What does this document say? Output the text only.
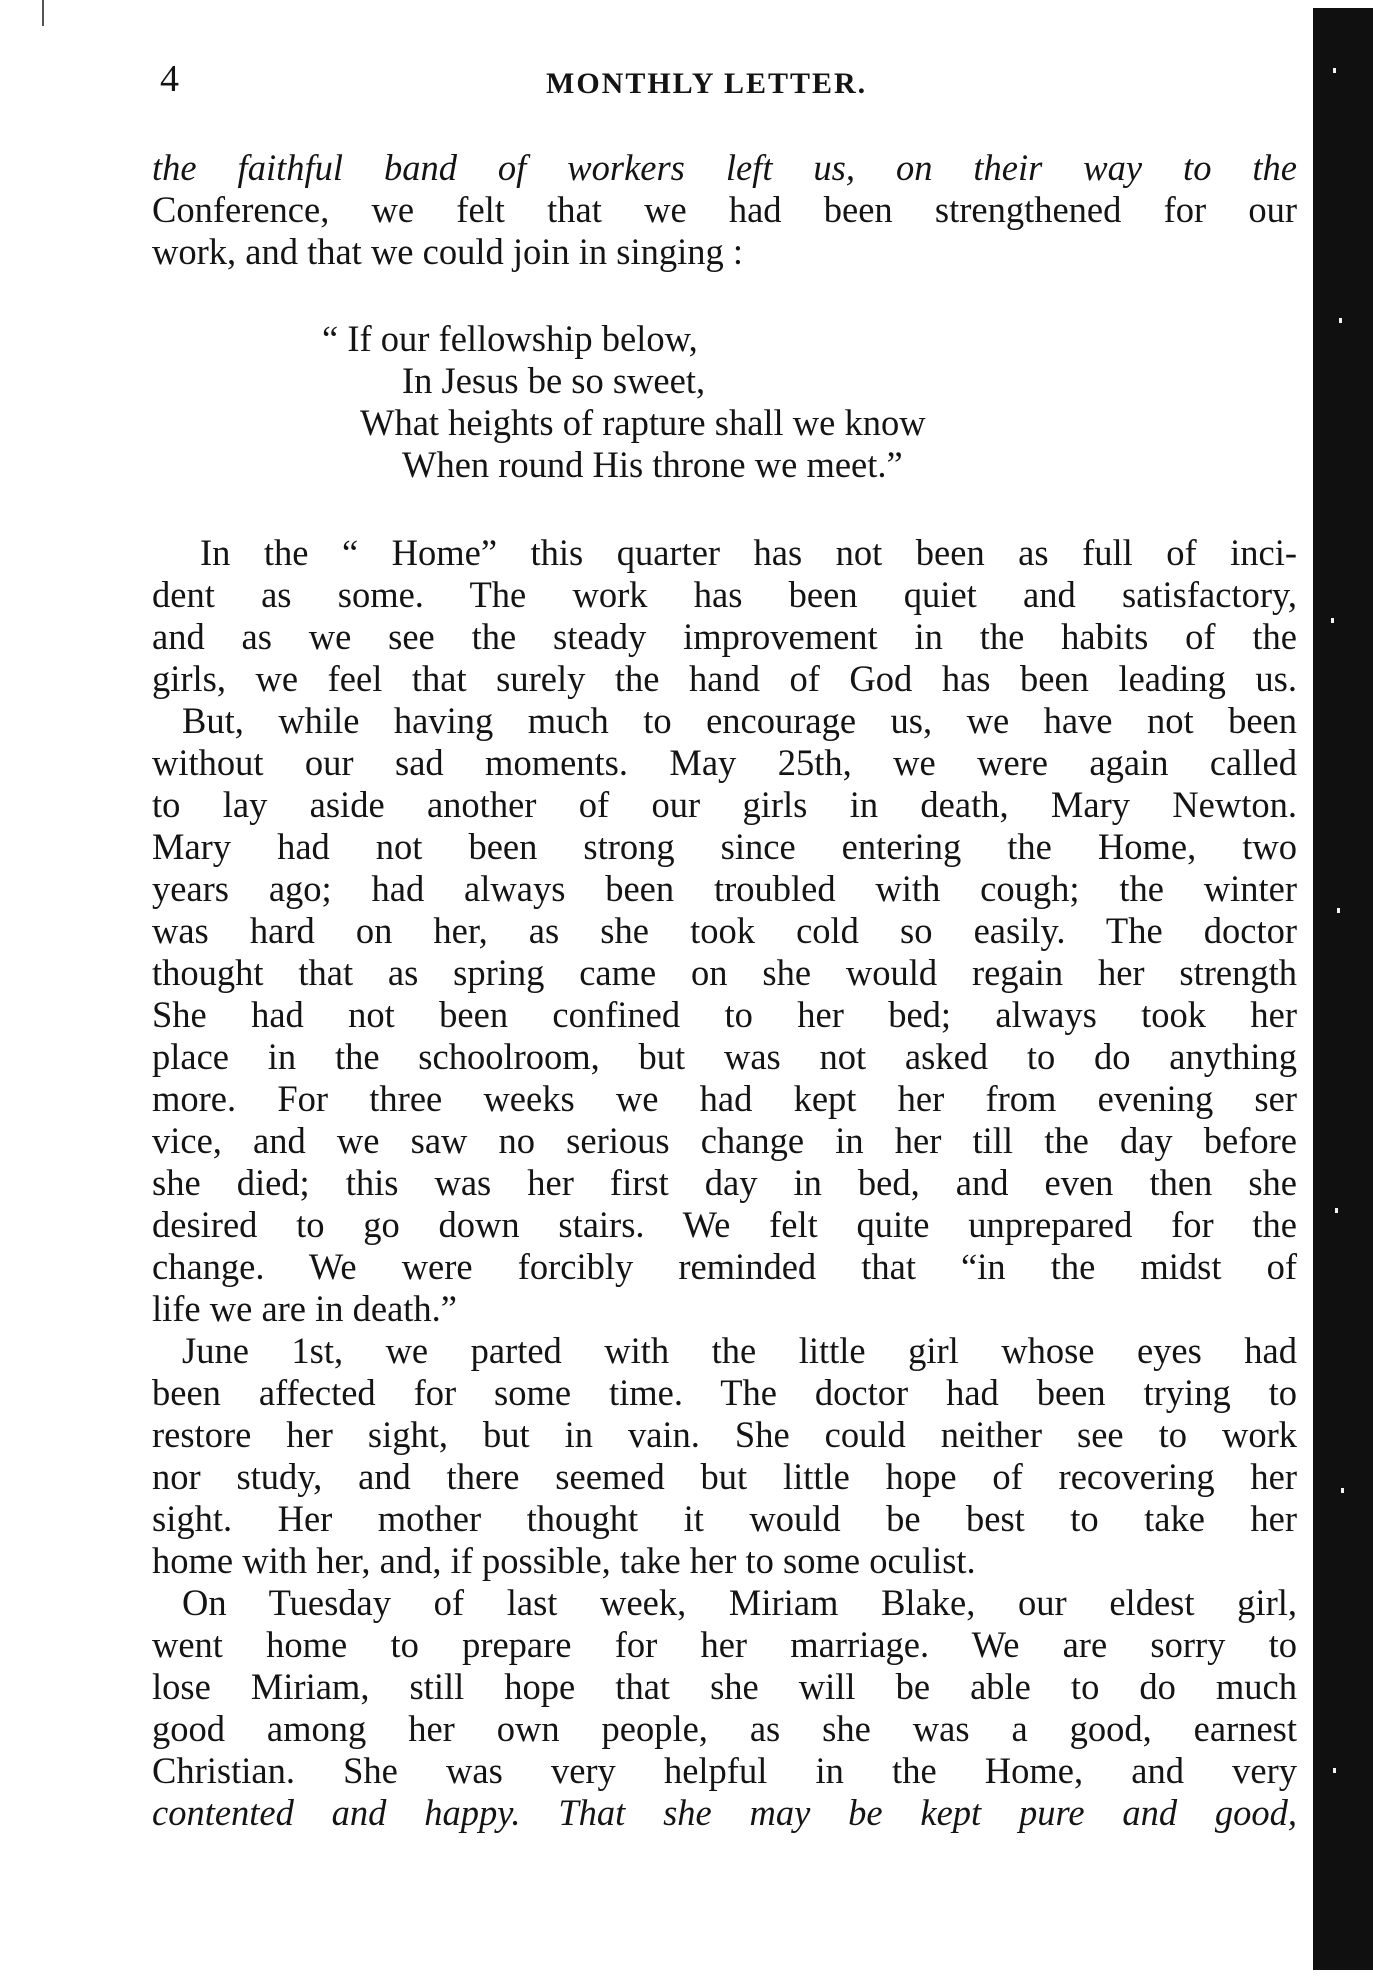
4	MONTHLY LETTER.
the faithful band of workers left us, on their way to the
Conference, we felt that we had been strengthened for our
work, and that we could join in singing :
“ If our fellowship below,
In Jesus be so sweet,
What heights of rapture shall we know
When round His throne we meet.”
In the “ Home” this quarter has not been as full of inci-
dent as some. The work has been quiet and satisfactory,
and as we see the steady improvement in the habits of the
girls, we feel that surely the hand of God has been leading us.
But, while having much to encourage us, we have not been
without our sad moments. May 25th, we were again called
to lay aside another of our girls in death, Mary Newton.
Mary had not been strong since entering the Home, two
years ago; had always been troubled with cough; the winter
was hard on her, as she took cold so easily. The doctor
thought that as spring came on she would regain her strength
She had not been confined to her bed; always took her
place in the schoolroom, but was not asked to do anything
more. For three weeks we had kept her from evening ser
vice, and we saw no serious change in her till the day before
she died; this was her first day in bed, and even then she
desired to go down stairs. We felt quite unprepared for the
change. We were forcibly reminded that “in the midst of
life we are in death.”
June 1st, we parted with the little girl whose eyes had
been affected for some time. The doctor had been trying to
restore her sight, but in vain. She could neither see to work
nor study, and there seemed but little hope of recovering her
sight. Her mother thought it would be best to take her
home with her, and, if possible, take her to some oculist.
On Tuesday of last week, Miriam Blake, our eldest girl,
went home to prepare for her marriage. We are sorry to
lose Miriam, still hope that she will be able to do much
good among her own people, as she was a good, earnest
Christian. She was very helpful in the Home, and very
contented and happy. That she may be kept pure and good,
